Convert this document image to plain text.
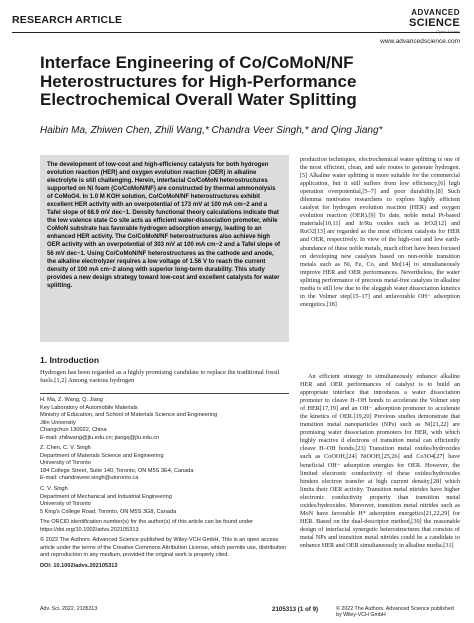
RESEARCH ARTICLE
ADVANCED
SCIENCE
www.advancedscience.com
Interface Engineering of Co/CoMoN/NF Heterostructures for High-Performance Electrochemical Overall Water Splitting
Haibin Ma, Zhiwen Chen, Zhili Wang,* Chandra Veer Singh,* and Qing Jiang*

The development of low-cost and high-efficiency catalysts for both hydrogen evolution reaction (HER) and oxygen evolution reaction (OER) in alkaline electrolyte is still challenging. Herein, interfacial Co/CoMoN heterostructures supported on Ni foam (Co/CoMoN/NF) are constructed by thermal ammonolysis of CoMoO4. In 1.0 M KOH solution, Co/CoMoN/NF heterostructures exhibit excellent HER activity with an overpotential of 173 mV at 100 mA cm−2 and a Tafel slope of 68.9 mV dec−1. Density functional theory calculations indicate that the low valence state Co site acts as efficient water-dissociation promoter, while CoMoN substrate has favorable hydrogen adsorption energy, leading to an enhanced HER activity. The Co/CoMoN/NF heterostructures also achieve high OER activity with an overpotential of 303 mV at 100 mA cm−2 and a Tafel slope of 56 mV dec−1. Using Co/CoMoN/NF heterostructures as the cathode and anode, the alkaline electrolyzer requires a low voltage of 1.56 V to reach the current density of 100 mA cm−2 along with superior long-term durability. This study provides a new design strategy toward low-cost and excellent catalysts for water splitting.

production techniques, electrochemical water splitting is one of the most efficient, clean, and safe routes to generate hydrogen.[5] Alkaline water splitting is more suitable for the commercial application, but it still suffers from low efficiency,[6] high operation overpotential,[5–7] and poor durability.[8] Such dilemma motivates researchers to explore highly efficient catalyst for hydrogen evolution reaction (HER) and oxygen evolution reaction (OER).[9] To date, noble metal Pt-based materials[10,11] and Ir/Ru oxides such as IrO2[12] and RuO2[13] are regarded as the most efficient catalysts for HER and OER, respectively. In view of the high-cost and low earth-abundance of these noble metals, much effort have been focused on developing new catalysts based on non-noble transition metals such as Ni, Fe, Co, and Mo[14] to simultaneously improve HER and OER performances. Nevertheless, the water splitting performance of precious metal-free catalysts in alkaline media is still low due to the sluggish water dissociation kinetics in the Volmer step[15–17] and unfavorable OH− adsorption energetics.[18]

An efficient strategy to simultaneously enhance alkaline HER and OER performances of catalyst is to build an appropriate interface that introduces a water dissociation promoter to cleave H–OH bonds to accelerate the Volmer step of HER[17,19] and an OH− adsorption promoter to accelerate the kinetics of OER.[19,20] Previous studies demonstrate that transition metal nanoparticles (NPs) such as Ni[21,22] are promising water dissociation promoters for HER, with which highly reactive d electrons of transition metal can efficiently cleave H–OH bonds.[23] Transition metal oxides/hydroxides such as CoOOH,[24] NiOOH,[25,26] and Co3O4[27] have beneficial OH− adsorption energies for OER. However, the limited electronic conductivity of these oxides/hydroxides hinders electron transfer at high current density,[28] which limits their OER activity. Transition metal nitrides have higher electronic conductivity property than transition metal oxides/hydroxides. Moreover, transition metal nitrides such as MoN have favorable H* adsorption energetics[21,22,29] for HER. Based on the dual-descriptor method,[30] the reasonable design of interfacial synergetic heterostructures that consists of metal NPs and transition metal nitrides could be a candidate to enhance HER and OER simultaneously in alkaline media.[31]

1. Introduction

Hydrogen has been regarded as a highly promising candidate to replace the traditional fossil fuels.[1,2] Among various hydrogen

H. Ma, Z. Wang, Q. Jiang

Key Laboratory of Automobile Materials

Ministry of Education, and School of Materials Science and Engineering

Jilin University

Changchun 130022, China

E-mail: zhiliwang@jlu.edu.cn; jiangq@jlu.edu.cn

Z. Chen, C. V. Singh

Department of Materials Science and Engineering

University of Toronto

184 College Street, Suite 140, Toronto, ON M5S 3E4, Canada

E-mail: chandraveer.singh@utoronto.ca

C. V. Singh

Department of Mechanical and Industrial Engineering

University of Toronto

5 King's College Road, Toronto, ON M5S 3G8, Canada

The ORCID identification number(s) for the author(s) of this article can be found under https://doi.org/10.1002/advs.202105313

© 2022 The Authors. Advanced Science published by Wiley-VCH GmbH. This is an open access article under the terms of the Creative Commons Attribution License, which permits use, distribution and reproduction in any medium, provided the original work is properly cited.

DOI: 10.1002/advs.202105313

Adv. Sci. 2022, 2105313	2105313 (1 of 9)	© 2022 The Authors. Advanced Science published by Wiley-VCH GmbH
